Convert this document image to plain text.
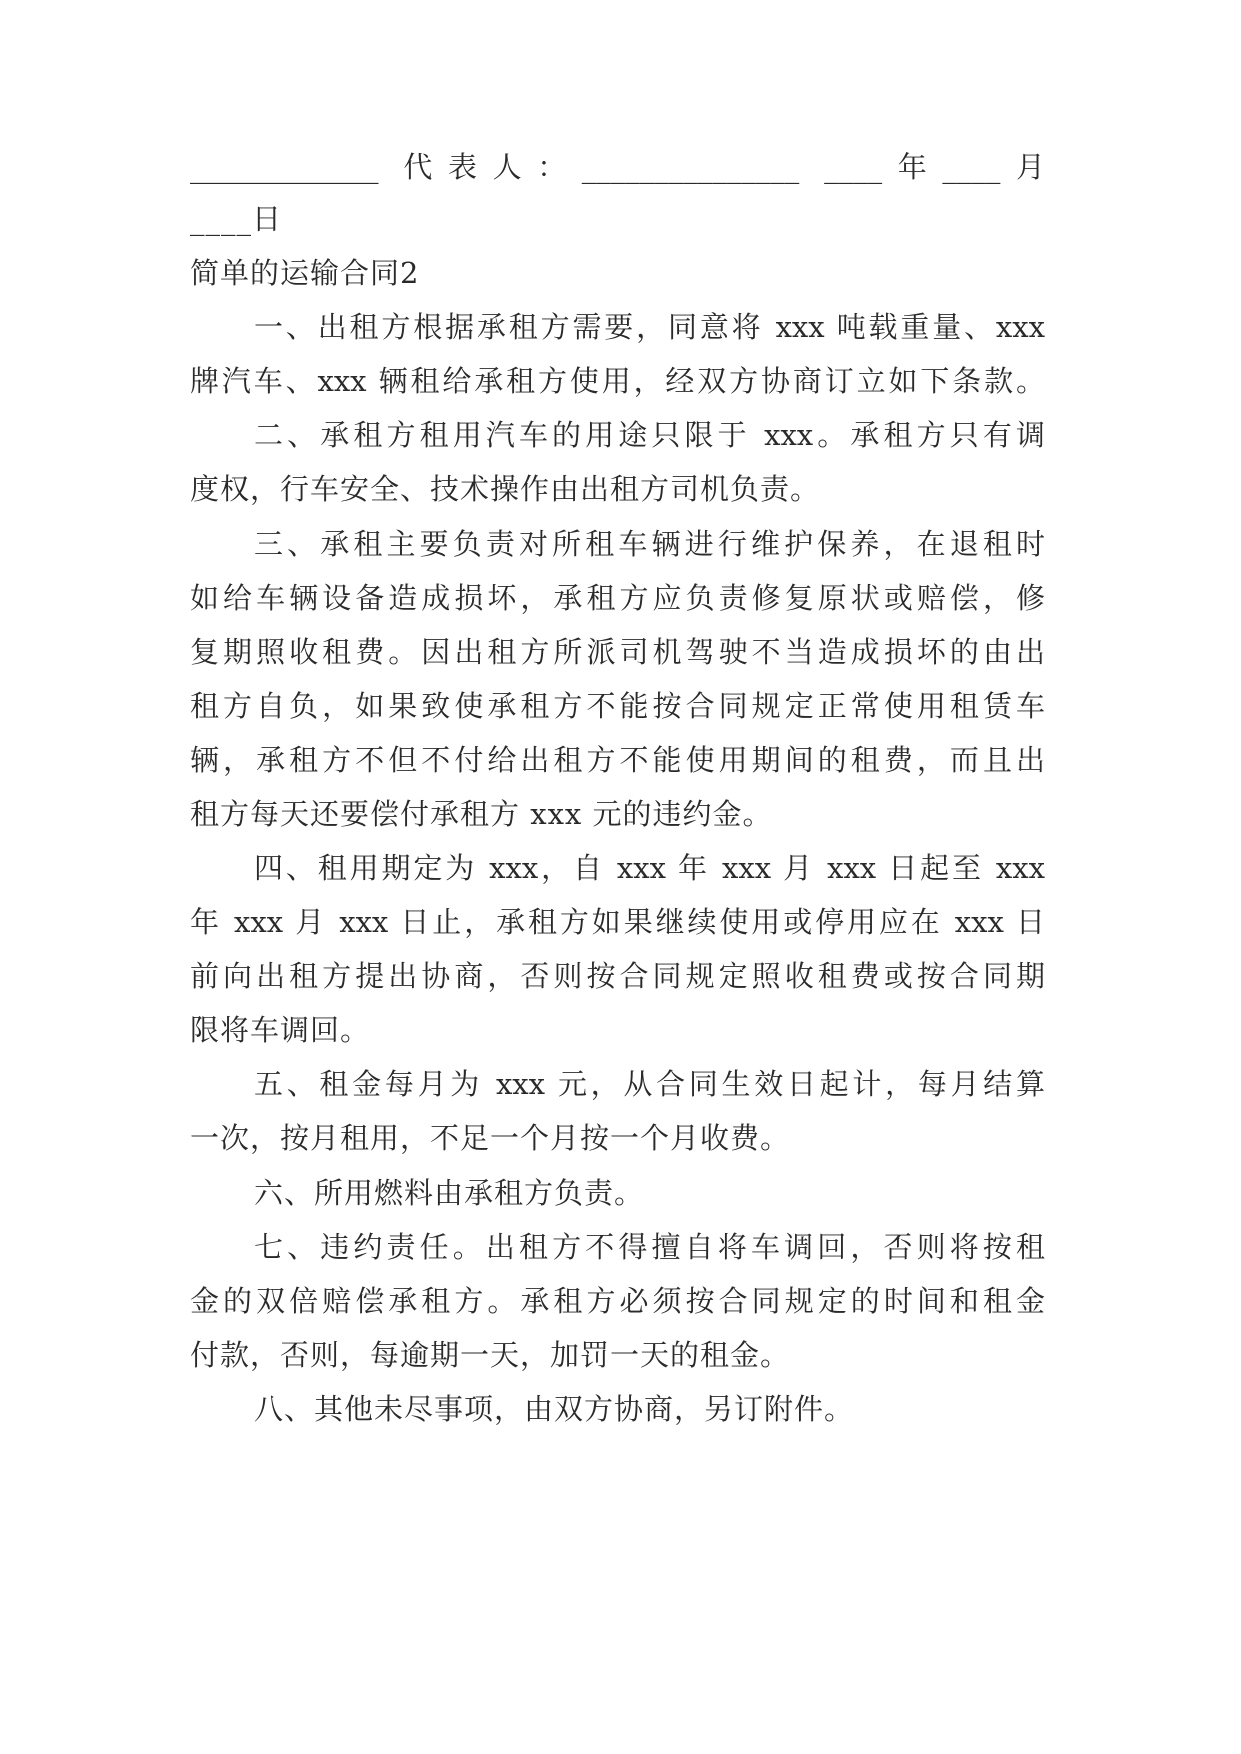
_____________ 代表人：_______________ ____年____月
____日
简单的运输合同2
一、出租方根据承租方需要，同意将 xxx 吨载重量、xxx
牌汽车、xxx 辆租给承租方使用，经双方协商订立如下条款。
二、承租方租用汽车的用途只限于 xxx。承租方只有调
度权，行车安全、技术操作由出租方司机负责。
三、承租主要负责对所租车辆进行维护保养，在退租时
如给车辆设备造成损坏，承租方应负责修复原状或赔偿，修
复期照收租费。因出租方所派司机驾驶不当造成损坏的由出
租方自负，如果致使承租方不能按合同规定正常使用租赁车
辆，承租方不但不付给出租方不能使用期间的租费，而且出
租方每天还要偿付承租方 xxx 元的违约金。
四、租用期定为 xxx，自 xxx 年 xxx 月 xxx 日起至 xxx
年 xxx 月 xxx 日止，承租方如果继续使用或停用应在 xxx 日
前向出租方提出协商，否则按合同规定照收租费或按合同期
限将车调回。
五、租金每月为 xxx 元，从合同生效日起计，每月结算
一次，按月租用，不足一个月按一个月收费。
六、所用燃料由承租方负责。
七、违约责任。出租方不得擅自将车调回，否则将按租
金的双倍赔偿承租方。承租方必须按合同规定的时间和租金
付款，否则，每逾期一天，加罚一天的租金。
八、其他未尽事项，由双方协商，另订附件。
